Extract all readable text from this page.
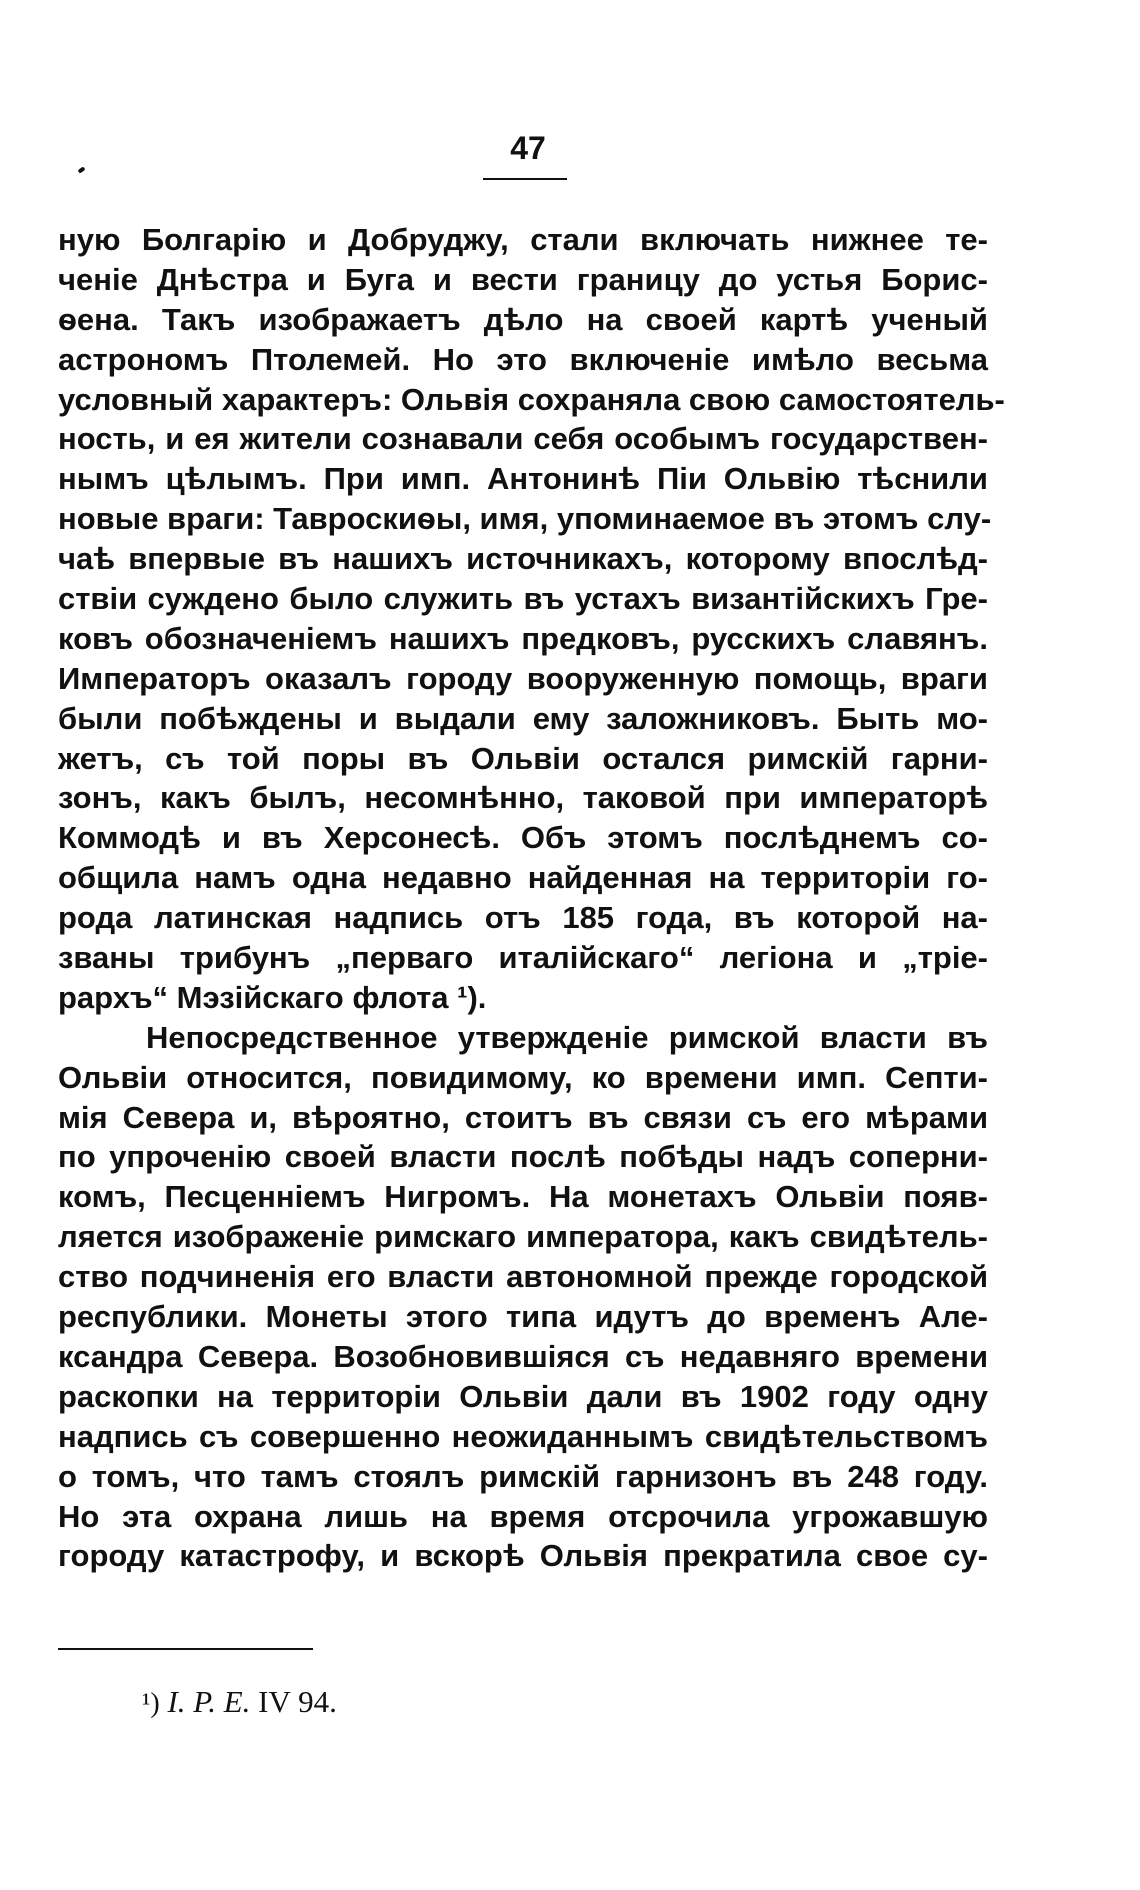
47
ную Болгарію и Добруджу, стали включать нижнее те-
ченіе Днѣстра и Буга и вести границу до устья Борис-
ѳена. Такъ изображаетъ дѣло на своей картѣ ученый
астрономъ Птолемей. Но это включеніе имѣло весьма
условный характеръ: Ольвія сохраняла свою самостоятель-
ность, и ея жители сознавали себя особымъ государствен-
нымъ цѣлымъ. При имп. Антонинѣ Піи Ольвію тѣснили
новые враги: Тавроскиѳы, имя, упоминаемое въ этомъ слу-
чаѣ впервые въ нашихъ источникахъ, которому впослѣд-
ствіи суждено было служить въ устахъ византійскихъ Гре-
ковъ обозначеніемъ нашихъ предковъ, русскихъ славянъ.
Императоръ оказалъ городу вооруженную помощь, враги
были побѣждены и выдали ему заложниковъ. Быть мо-
жетъ, съ той поры въ Ольвіи остался римскій гарни-
зонъ, какъ былъ, несомнѣнно, таковой при императорѣ
Коммодѣ и въ Херсонесѣ. Объ этомъ послѣднемъ со-
общила намъ одна недавно найденная на территоріи го-
рода латинская надпись отъ 185 года, въ которой на-
званы трибунъ „перваго италійскаго“ легіона и „тріе-
рархъ“ Мэзійскаго флота ¹).
Непосредственное утвержденіе римской власти въ
Ольвіи относится, повидимому, ко времени имп. Септи-
мія Севера и, вѣроятно, стоитъ въ связи съ его мѣрами
по упроченію своей власти послѣ побѣды надъ соперни-
комъ, Песценніемъ Нигромъ. На монетахъ Ольвіи появ-
ляется изображеніе римскаго императора, какъ свидѣтель-
ство подчиненія его власти автономной прежде городской
республики. Монеты этого типа идутъ до временъ Але-
ксандра Севера. Возобновившіяся съ недавняго времени
раскопки на территоріи Ольвіи дали въ 1902 году одну
надпись съ совершенно неожиданнымъ свидѣтельствомъ
о томъ, что тамъ стоялъ римскій гарнизонъ въ 248 году.
Но эта охрана лишь на время отсрочила угрожавшую
городу катастрофу, и вскорѣ Ольвія прекратила свое су-
¹) I. P. E. IV 94.
